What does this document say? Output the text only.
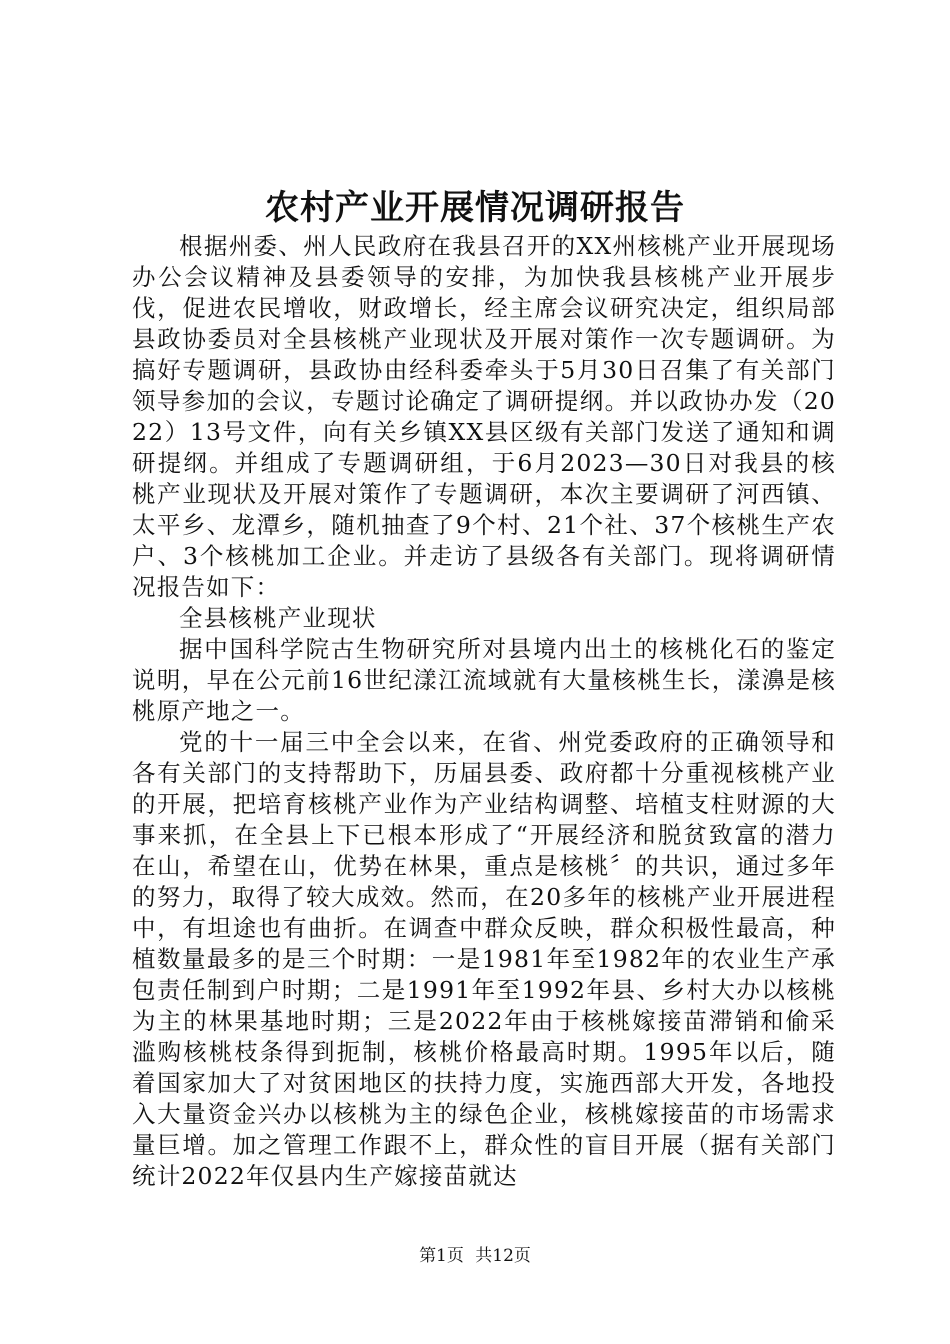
农村产业开展情况调研报告

根据州委、州人民政府在我县召开的XX州核桃产业开展现场办公会议精神及县委领导的安排，为加快我县核桃产业开展步伐，促进农民增收，财政增长，经主席会议研究决定，组织局部县政协委员对全县核桃产业现状及开展对策作一次专题调研。为搞好专题调研，县政协由经科委牵头于5月30日召集了有关部门领导参加的会议，专题讨论确定了调研提纲。并以政协办发（2022）13号文件，向有关乡镇XX县区级有关部门发送了通知和调研提纲。并组成了专题调研组，于6月2023—30日对我县的核桃产业现状及开展对策作了专题调研，本次主要调研了河西镇、太平乡、龙潭乡，随机抽查了9个村、21个社、37个核桃生产农户、3个核桃加工企业。并走访了县级各有关部门。现将调研情况报告如下：

全县核桃产业现状

据中国科学院古生物研究所对县境内出土的核桃化石的鉴定说明，早在公元前16世纪漾江流域就有大量核桃生长，漾濞是核桃原产地之一。

党的十一届三中全会以来，在省、州党委政府的正确领导和各有关部门的支持帮助下，历届县委、政府都十分重视核桃产业的开展，把培育核桃产业作为产业结构调整、培植支柱财源的大事来抓，在全县上下已根本形成了“开展经济和脱贫致富的潜力在山，希望在山，优势在林果，重点是核桃〞的共识，通过多年的努力，取得了较大成效。然而，在20多年的核桃产业开展进程中，有坦途也有曲折。在调查中群众反映，群众积极性最高，种植数量最多的是三个时期：一是1981年至1982年的农业生产承包责任制到户时期；二是1991年至1992年县、乡村大办以核桃为主的林果基地时期；三是2022年由于核桃嫁接苗滞销和偷采滥购核桃枝条得到扼制，核桃价格最高时期。1995年以后，随着国家加大了对贫困地区的扶持力度，实施西部大开发，各地投入大量资金兴办以核桃为主的绿色企业，核桃嫁接苗的市场需求量巨增。加之管理工作跟不上，群众性的盲目开展（据有关部门统计2022年仅县内生产嫁接苗就达

第1页 共12页
